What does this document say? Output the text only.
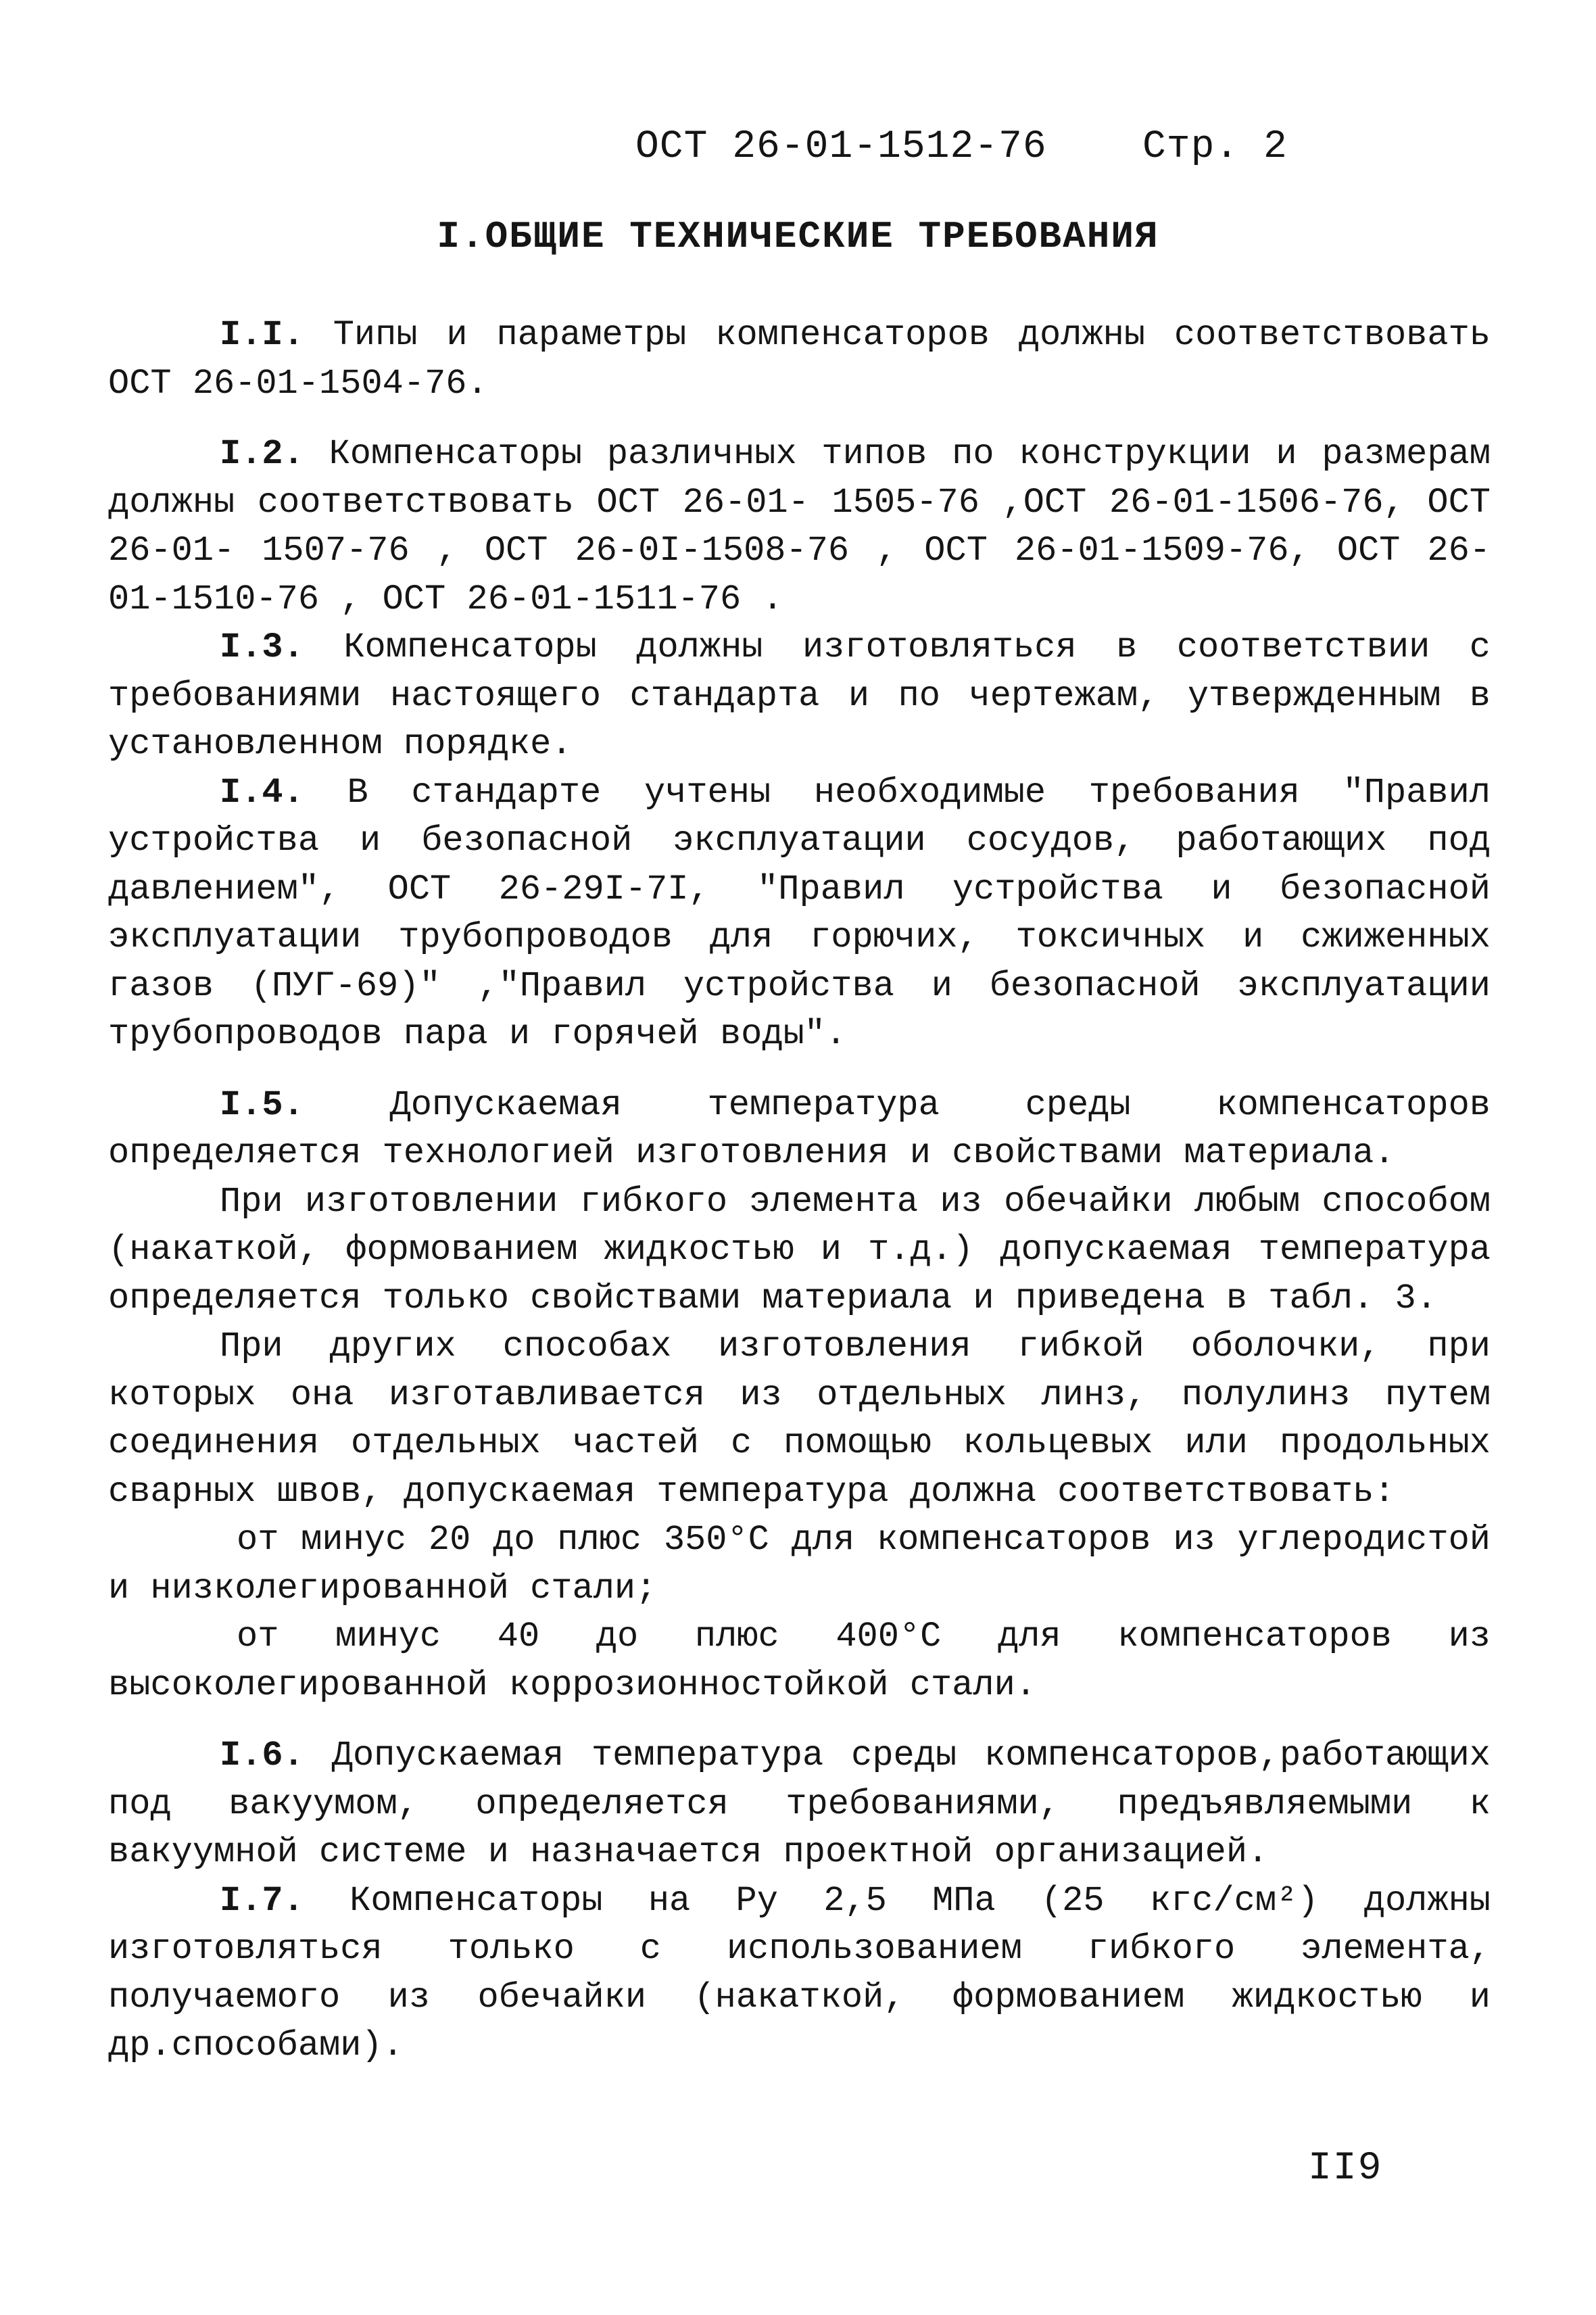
ОСТ 26-01-1512-76 Стр. 2
I.ОБЩИЕ ТЕХНИЧЕСКИЕ ТРЕБОВАНИЯ

I.I. Типы и параметры компенсаторов должны соответствовать ОСТ 26-01-1504-76.

I.2. Компенсаторы различных типов по конструкции и размерам должны соответствовать ОСТ 26-01- 1505-76 ,ОСТ 26-01-1506-76, ОСТ 26-01- 1507-76 , ОСТ 26-0I-1508-76 , ОСТ 26-01-1509-76, ОСТ 26-01-1510-76 , ОСТ 26-01-1511-76 .

I.3. Компенсаторы должны изготовляться в соответствии с требованиями настоящего стандарта и по чертежам, утвержденным в установленном порядке.

I.4. В стандарте учтены необходимые требования "Правил устройства и безопасной эксплуатации сосудов, работающих под давлением", ОСТ 26-29I-7I, "Правил устройства и безопасной эксплуатации трубопроводов для горючих, токсичных и сжиженных газов (ПУГ-69)" ,"Правил устройства и безопасной эксплуатации трубопроводов пара и горячей воды".

I.5. Допускаемая температура среды компенсаторов определяется технологией изготовления и свойствами материала.

При изготовлении гибкого элемента из обечайки любым способом (накаткой, формованием жидкостью и т.д.) допускаемая температура определяется только свойствами материала и приведена в табл. 3.

При других способах изготовления гибкой оболочки, при которых она изготавливается из отдельных линз, полулинз путем соединения отдельных частей с помощью кольцевых или продольных сварных швов, допускаемая температура должна соответствовать:

от минус 20 до плюс 350°С для компенсаторов из углеродистой и низколегированной стали;

от минус 40 до плюс 400°С для компенсаторов из высоколегированной коррозионностойкой стали.

I.6. Допускаемая температура среды компенсаторов,работающих под вакуумом, определяется требованиями, предъявляемыми к вакуумной системе и назначается проектной организацией.

I.7. Компенсаторы на Pу 2,5 МПа (25 кгс/см²) должны изготовляться только с использованием гибкого элемента, получаемого из обечайки (накаткой, формованием жидкостью и др.способами).

II9
